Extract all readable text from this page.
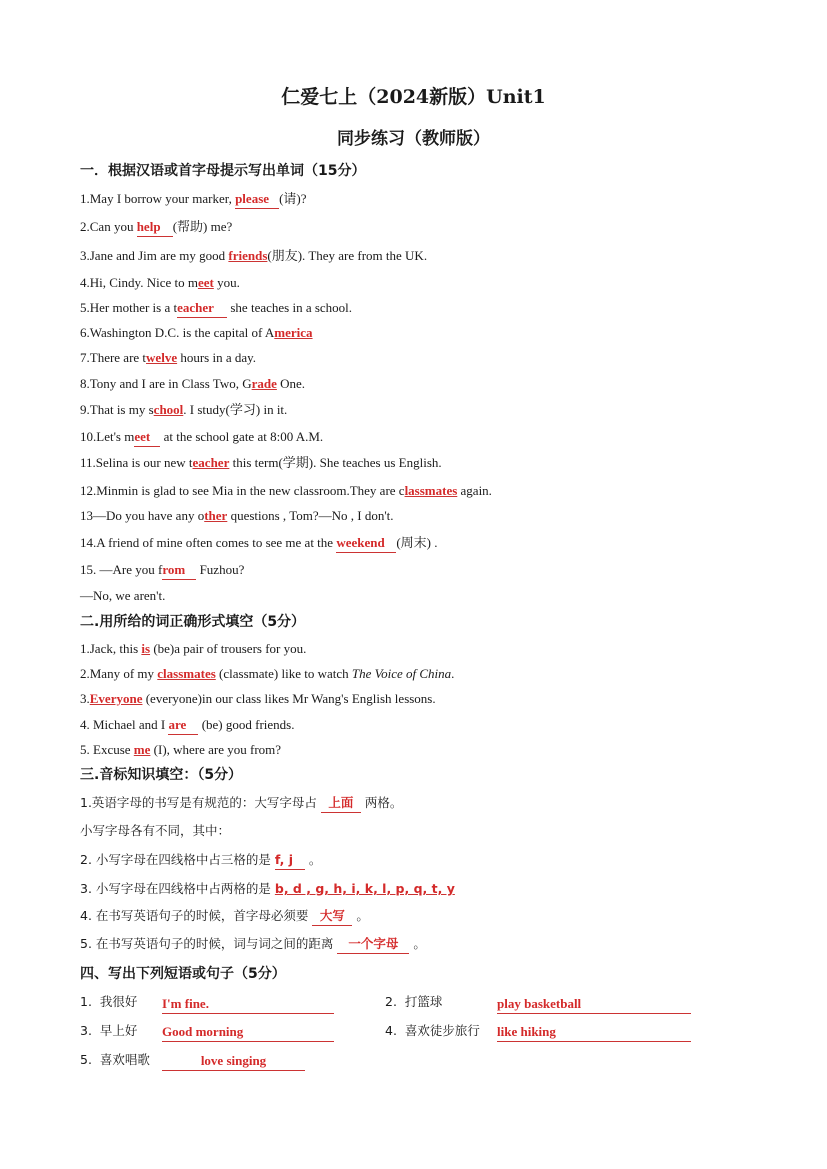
仁爱七上（2024新版）Unit1
同步练习（教师版）
一．根据汉语或首字母提示写出单词（15分）
1.May I borrow your marker, please (请)?
2.Can you help (帮助) me?
3.Jane and Jim are my good friends(朋友). They are from the UK.
4.Hi, Cindy. Nice to meet you.
5.Her mother is a teacher she teaches in a school.
6.Washington D.C. is the capital of America
7.There are twelve hours in a day.
8.Tony and I are in Class Two, Grade One.
9.That is my school. I study(学习) in it.
10.Let's meet at the school gate at 8:00 A.M.
11.Selina is our new teacher this term(学期). She teaches us English.
12.Minmin is glad to see Mia in the new classroom.They are classmates again.
13—Do you have any other questions , Tom?—No , I don't.
14.A friend of mine often comes to see me at the weekend (周末) .
15. —Are you from Fuzhou?
—No, we aren't.
二.用所给的词正确形式填空（5分）
1.Jack, this is (be)a pair of trousers for you.
2.Many of my classmates (classmate) like to watch The Voice of China.
3.Everyone (everyone)in our class likes Mr Wang's English lessons.
4. Michael and I are (be) good friends.
5. Excuse me (I), where are you from?
三.音标知识填空：（5分）
1.英语字母的书写是有规范的：大写字母占 上面 两格。
小写字母各有不同，其中：
2. 小写字母在四线格中占三格的是 f, j 。
3. 小写字母在四线格中占两格的是 b, d , g, h, i, k, l, p, q, t, y
4. 在书写英语句子的时候，首字母必须要 大写 。
5. 在书写英语句子的时候，词与词之间的距离 一个字母 。
四、写出下列短语或句子（5分）
1. 我很好 I'm fine.	2. 打篮球	play basketball
3. 早上好 Good morning	4. 喜欢徒步旅行 like hiking
5. 喜欢唱歌	love singing
